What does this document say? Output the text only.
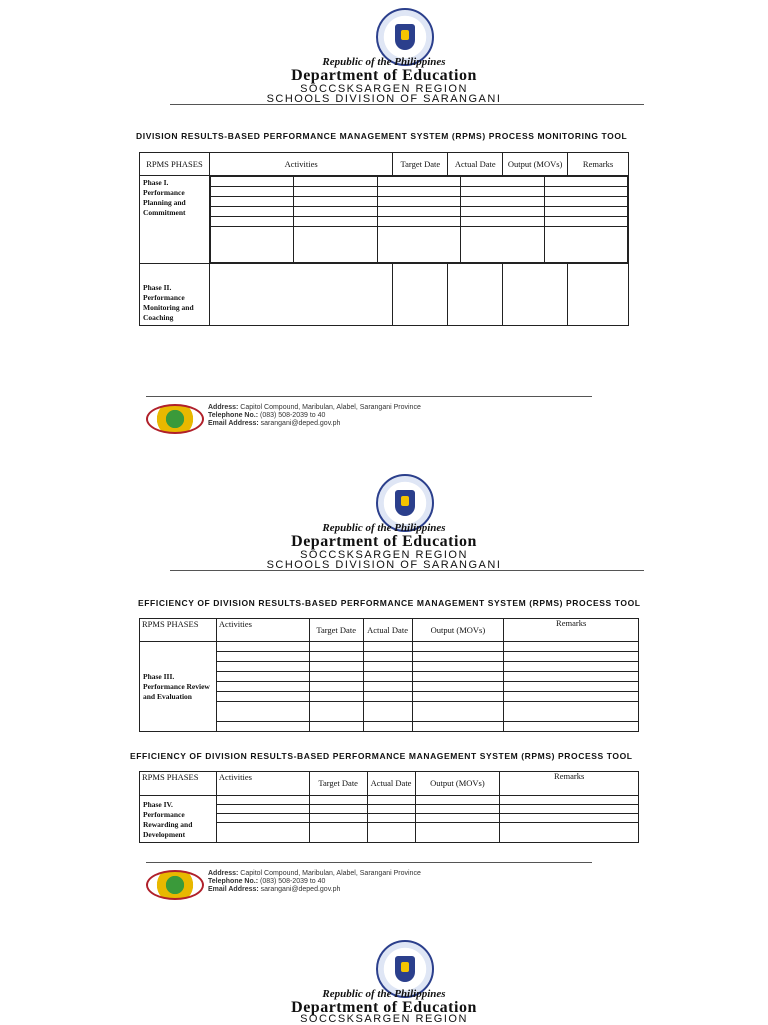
Republic of the Philippines
Department of Education
SOCCSKSARGEN REGION
SCHOOLS DIVISION OF SARANGANI
DIVISION RESULTS-BASED PERFORMANCE MANAGEMENT SYSTEM (RPMS) PROCESS MONITORING TOOL
RPMS PHASES	Activities	Target Date	Actual Date	Output (MOVs)	Remarks
Phase I. Performance Planning and Commitment	

Phase II. Performance Monitoring and Coaching					
Address: Capitol Compound, Maribulan, Alabel, Sarangani Province
Telephone No.: (083) 508-2039 to 40
Email Address: sarangani@deped.gov.ph
Republic of the Philippines
Department of Education
SOCCSKSARGEN REGION
SCHOOLS DIVISION OF SARANGANI
EFFICIENCY OF DIVISION RESULTS-BASED PERFORMANCE MANAGEMENT SYSTEM (RPMS) PROCESS TOOL
RPMS PHASES	Activities	Target Date	Actual Date	Output (MOVs)	Remarks
Phase III. Performance Review and Evaluation					

EFFICIENCY OF DIVISION RESULTS-BASED PERFORMANCE MANAGEMENT SYSTEM (RPMS) PROCESS TOOL
RPMS PHASES	Activities	Target Date	Actual Date	Output (MOVs)	Remarks
Phase IV. Performance Rewarding and Development					

Address: Capitol Compound, Maribulan, Alabel, Sarangani Province
Telephone No.: (083) 508-2039 to 40
Email Address: sarangani@deped.gov.ph
Republic of the Philippines
Department of Education
SOCCSKSARGEN REGION
